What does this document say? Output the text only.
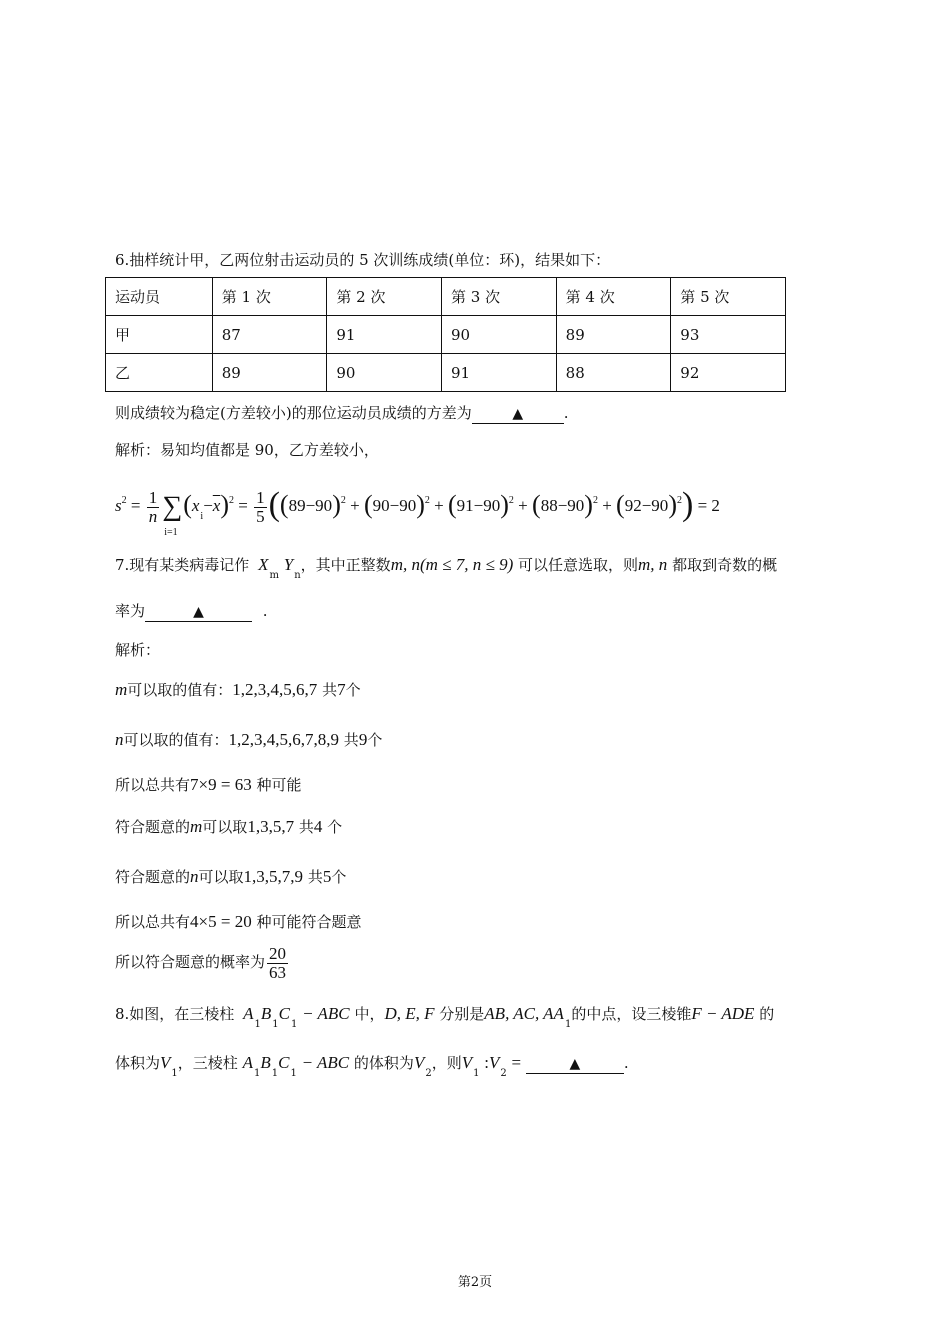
6.抽样统计甲，乙两位射击运动员的 5 次训练成绩(单位：环)，结果如下：
运动员	第 1 次	第 2 次	第 3 次	第 4 次	第 5 次
甲	87	91	90	89	93
乙	89	90	91	88	92
则成绩较为稳定(方差较小)的那位运动员成绩的方差为	▲	.
解析：易知均值都是 90，乙方差较小，
$s^2 = \frac{1}{n}$ ∑
i=1
$(x_i-\overline{x})^2 = \frac{1}{5} ((89-90)^2 + (90-90)^2 + (91-90)^2 + (88-90)^2 + (92-90)^2) = 2$
7.现有某类病毒记作 $X_m$ $Y_n$，其中正整数m, n(m ≤ 7, n ≤ 9) 可以任意选取，则m, n 都取到奇数的概
率为	▲	.
解析：
m可以取的值有：1,2,3,4,5,6,7 共7个
n可以取的值有：1,2,3,4,5,6,7,8,9 共9个
所以总共有7×9 = 63 种可能
符合题意的m可以取1,3,5,7 共4 个
符合题意的n可以取1,3,5,7,9 共5个
所以总共有4×5 = 20 种可能符合题意
所以符合题意的概率为 $\frac{20}{63}$
8.如图，在三棱柱 $A_1B_1C_1$ − ABC 中，D, E, F 分别是AB, AC, $AA_1$的中点，设三棱锥F − ADE 的
体积为$V_1$，三棱柱 $A_1B_1C_1$ − ABC 的体积为$V_2$，则$V_1$ $:V_2$ =	▲	.
第2页
